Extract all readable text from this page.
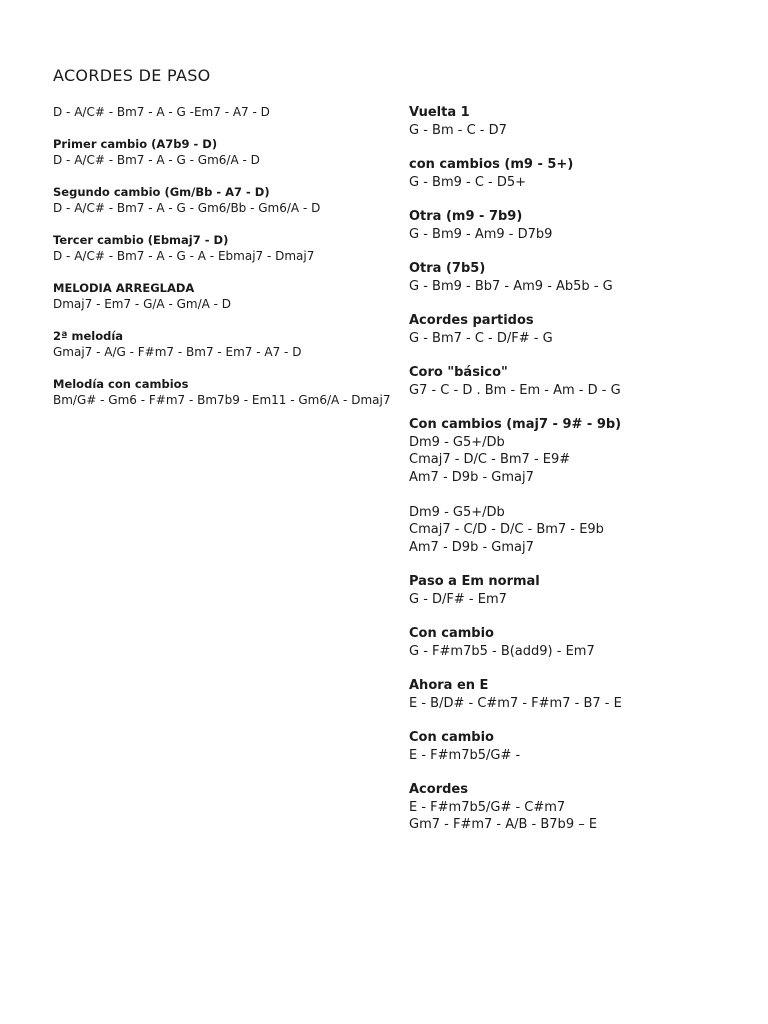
ACORDES DE PASO
D - A/C# - Bm7 - A - G -Em7 - A7 - D
Primer cambio (A7b9 - D)
D - A/C# - Bm7 - A - G - Gm6/A - D
Segundo cambio (Gm/Bb - A7 - D)
D - A/C# - Bm7 - A - G - Gm6/Bb - Gm6/A - D
Tercer cambio (Ebmaj7 - D)
D - A/C# - Bm7 - A - G - A - Ebmaj7 - Dmaj7
MELODIA ARREGLADA
Dmaj7 - Em7 - G/A - Gm/A - D
2ª melodía
Gmaj7 - A/G - F#m7 - Bm7 - Em7 - A7 - D
Melodía con cambios
Bm/G# - Gm6 - F#m7 - Bm7b9 - Em11 - Gm6/A - Dmaj7
Vuelta 1
G - Bm - C - D7
con cambios (m9 - 5+)
G - Bm9 - C - D5+
Otra (m9 - 7b9)
G - Bm9 - Am9 - D7b9
Otra (7b5)
G - Bm9 - Bb7 - Am9 - Ab5b - G
Acordes partidos
G - Bm7 - C - D/F# - G
Coro "básico"
G7 - C - D . Bm - Em - Am - D - G
Con cambios (maj7 - 9# - 9b)
Dm9 - G5+/Db
Cmaj7 - D/C - Bm7 - E9#
Am7 - D9b - Gmaj7
Dm9 - G5+/Db
Cmaj7 - C/D - D/C - Bm7 - E9b
Am7 - D9b - Gmaj7
Paso a Em normal
G - D/F# - Em7
Con cambio
G - F#m7b5 - B(add9) - Em7
Ahora en E
E - B/D# - C#m7 - F#m7 - B7 - E
Con cambio
E - F#m7b5/G# -
Acordes
E - F#m7b5/G# - C#m7
Gm7 - F#m7 - A/B - B7b9 – E
